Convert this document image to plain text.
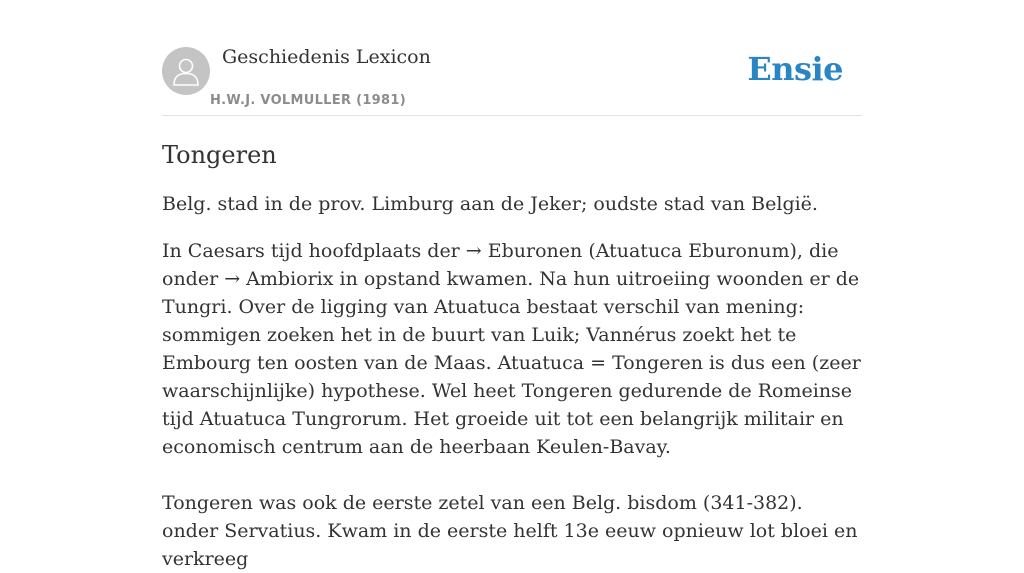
Geschiedenis Lexicon
H.W.J. VOLMULLER (1981)
Ensie
Tongeren

Belg. stad in de prov. Limburg aan de Jeker; oudste stad van België.

In Caesars tijd hoofdplaats der → Eburonen (Atuatuca Eburonum), die onder → Ambiorix in opstand kwamen. Na hun uitroeiing woonden er de Tungri. Over de ligging van Atuatuca bestaat verschil van mening: sommigen zoeken het in de buurt van Luik; Vannérus zoekt het te Embourg ten oosten van de Maas. Atuatuca = Tongeren is dus een (zeer waarschijnlijke) hypothese. Wel heet Tongeren gedurende de Romeinse tijd Atuatuca Tungrorum. Het groeide uit tot een belangrijk militair en economisch centrum aan de heerbaan Keulen-Bavay.

Tongeren was ook de eerste zetel van een Belg. bisdom (341-382). onder Servatius. Kwam in de eerste helft 13e eeuw opnieuw lot bloei en verkreeg
